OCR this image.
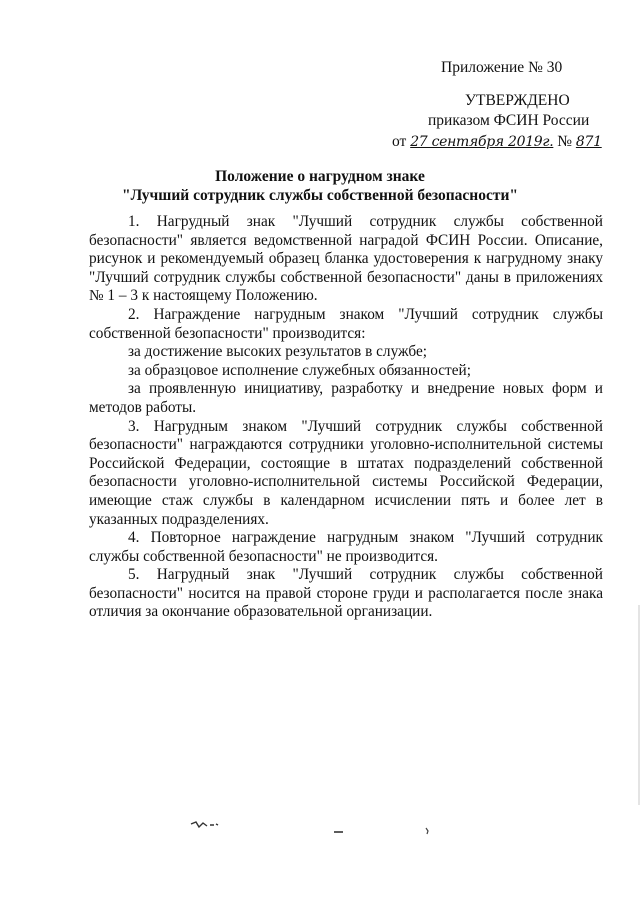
Приложение № 30
УТВЕРЖДЕНО
приказом ФСИН России
от 27 сентября 2019г. № 871
Положение о нагрудном знаке
"Лучший сотрудник службы собственной безопасности"

1. Нагрудный знак "Лучший сотрудник службы собственной безопасности" является ведомственной наградой ФСИН России. Описание, рисунок и рекомендуемый образец бланка удостоверения к нагрудному знаку "Лучший сотрудник службы собственной безопасности" даны в приложениях № 1 – 3 к настоящему Положению.

2. Награждение нагрудным знаком "Лучший сотрудник службы собственной безопасности" производится:

за достижение высоких результатов в службе;

за образцовое исполнение служебных обязанностей;

за проявленную инициативу, разработку и внедрение новых форм и методов работы.

3. Нагрудным знаком "Лучший сотрудник службы собственной безопасности" награждаются сотрудники уголовно-исполнительной системы Российской Федерации, состоящие в штатах подразделений собственной безопасности уголовно-исполнительной системы Российской Федерации, имеющие стаж службы в календарном исчислении пять и более лет в указанных подразделениях.

4. Повторное награждение нагрудным знаком "Лучший сотрудник службы собственной безопасности" не производится.

5. Нагрудный знак "Лучший сотрудник службы собственной безопасности" носится на правой стороне груди и располагается после знака отличия за окончание образовательной организации.
